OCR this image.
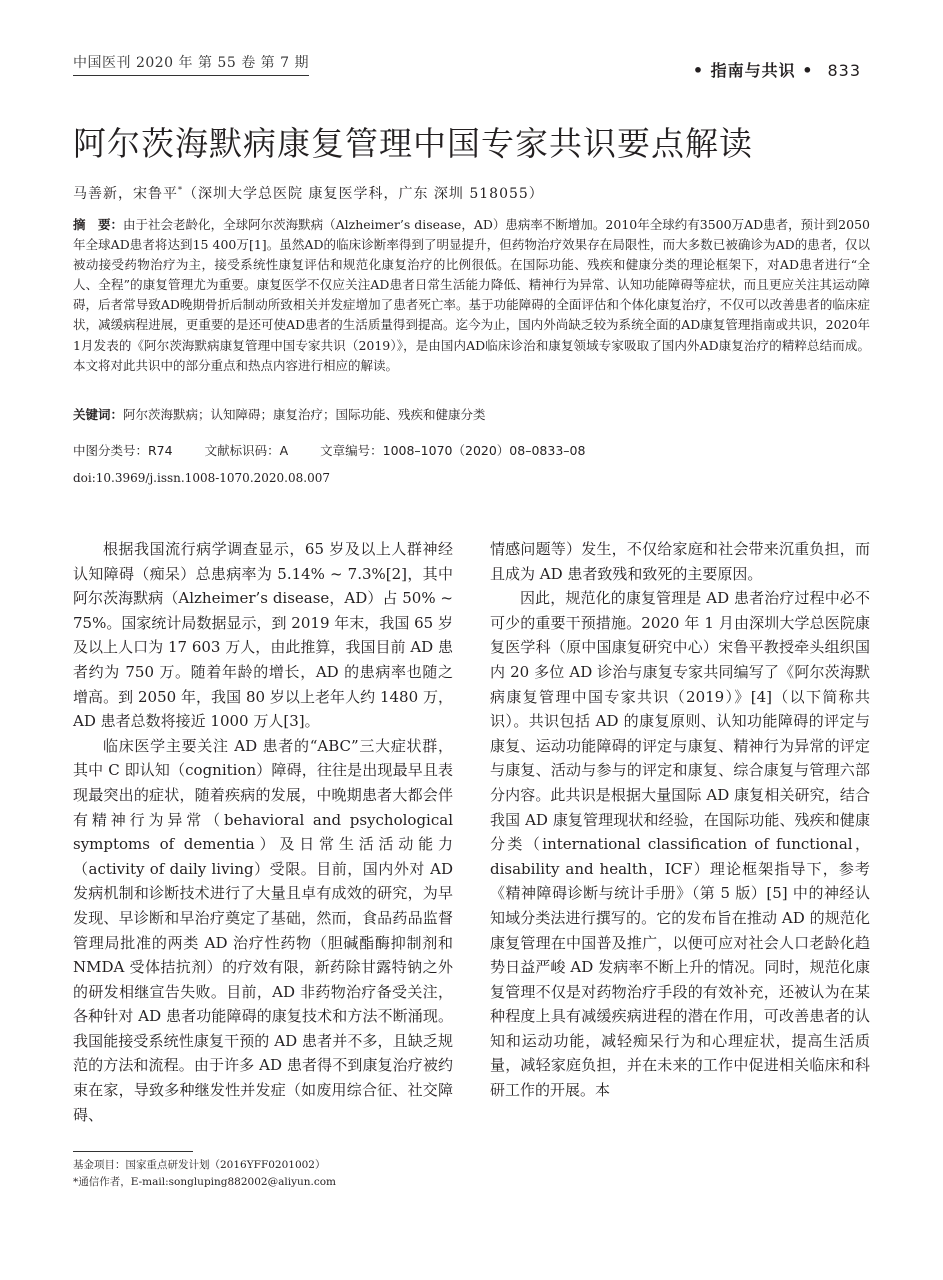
中国医刊 2020 年 第 55 卷 第 7 期	• 指南与共识 • 833
阿尔茨海默病康复管理中国专家共识要点解读
马善新，宋鲁平*（深圳大学总医院 康复医学科，广东 深圳 518055）
摘　要：由于社会老龄化，全球阿尔茨海默病（Alzheimer’s disease，AD）患病率不断增加。2010年全球约有3500万AD患者，预计到2050年全球AD患者将达到15 400万[1]。虽然AD的临床诊断率得到了明显提升，但药物治疗效果存在局限性，而大多数已被确诊为AD的患者，仅以被动接受药物治疗为主，接受系统性康复评估和规范化康复治疗的比例很低。在国际功能、残疾和健康分类的理论框架下，对AD患者进行“全人、全程”的康复管理尤为重要。康复医学不仅应关注AD患者日常生活能力降低、精神行为异常、认知功能障碍等症状，而且更应关注其运动障碍，后者常导致AD晚期骨折后制动所致相关并发症增加了患者死亡率。基于功能障碍的全面评估和个体化康复治疗，不仅可以改善患者的临床症状，减缓病程进展，更重要的是还可使AD患者的生活质量得到提高。迄今为止，国内外尚缺乏较为系统全面的AD康复管理指南或共识，2020年1月发表的《阿尔茨海默病康复管理中国专家共识（2019）》，是由国内AD临床诊治和康复领域专家吸取了国内外AD康复治疗的精粹总结而成。本文将对此共识中的部分重点和热点内容进行相应的解读。
关键词：阿尔茨海默病；认知障碍；康复治疗；国际功能、残疾和健康分类
中图分类号：R74	文献标识码：A	文章编号：1008–1070（2020）08–0833–08
doi:10.3969/j.issn.1008-1070.2020.08.007

根据我国流行病学调查显示，65 岁及以上人群神经认知障碍（痴呆）总患病率为 5.14% ~ 7.3%[2]，其中阿尔茨海默病（Alzheimer’s disease，AD）占 50% ~ 75%。国家统计局数据显示，到 2019 年末，我国 65 岁及以上人口为 17 603 万人，由此推算，我国目前 AD 患者约为 750 万。随着年龄的增长，AD 的患病率也随之增高。到 2050 年，我国 80 岁以上老年人约 1480 万，AD 患者总数将接近 1000 万人[3]。

临床医学主要关注 AD 患者的“ABC”三大症状群，其中 C 即认知（cognition）障碍，往往是出现最早且表现最突出的症状，随着疾病的发展，中晚期患者大都会伴有精神行为异常（behavioral and psychological symptoms of dementia）及日常生活活动能力（activity of daily living）受限。目前，国内外对 AD 发病机制和诊断技术进行了大量且卓有成效的研究，为早发现、早诊断和早治疗奠定了基础，然而，食品药品监督管理局批准的两类 AD 治疗性药物（胆碱酯酶抑制剂和 NMDA 受体拮抗剂）的疗效有限，新药除甘露特钠之外的研发相继宣告失败。目前，AD 非药物治疗备受关注，各种针对 AD 患者功能障碍的康复技术和方法不断涌现。我国能接受系统性康复干预的 AD 患者并不多，且缺乏规范的方法和流程。由于许多 AD 患者得不到康复治疗被约束在家，导致多种继发性并发症（如废用综合征、社交障碍、

情感问题等）发生，不仅给家庭和社会带来沉重负担，而且成为 AD 患者致残和致死的主要原因。

因此，规范化的康复管理是 AD 患者治疗过程中必不可少的重要干预措施。2020 年 1 月由深圳大学总医院康复医学科（原中国康复研究中心）宋鲁平教授牵头组织国内 20 多位 AD 诊治与康复专家共同编写了《阿尔茨海默病康复管理中国专家共识（2019）》[4]（以下简称共识）。共识包括 AD 的康复原则、认知功能障碍的评定与康复、运动功能障碍的评定与康复、精神行为异常的评定与康复、活动与参与的评定和康复、综合康复与管理六部分内容。此共识是根据大量国际 AD 康复相关研究，结合我国 AD 康复管理现状和经验，在国际功能、残疾和健康分类（international classification of functional，disability and health，ICF）理论框架指导下，参考《精神障碍诊断与统计手册》（第 5 版）[5] 中的神经认知域分类法进行撰写的。它的发布旨在推动 AD 的规范化康复管理在中国普及推广，以便可应对社会人口老龄化趋势日益严峻 AD 发病率不断上升的情况。同时，规范化康复管理不仅是对药物治疗手段的有效补充，还被认为在某种程度上具有减缓疾病进程的潜在作用，可改善患者的认知和运动功能，减轻痴呆行为和心理症状，提高生活质量，减轻家庭负担，并在未来的工作中促进相关临床和科研工作的开展。本

基金项目：国家重点研发计划（2016YFF0201002）
*通信作者，E-mail:songluping882002@aliyun.com
